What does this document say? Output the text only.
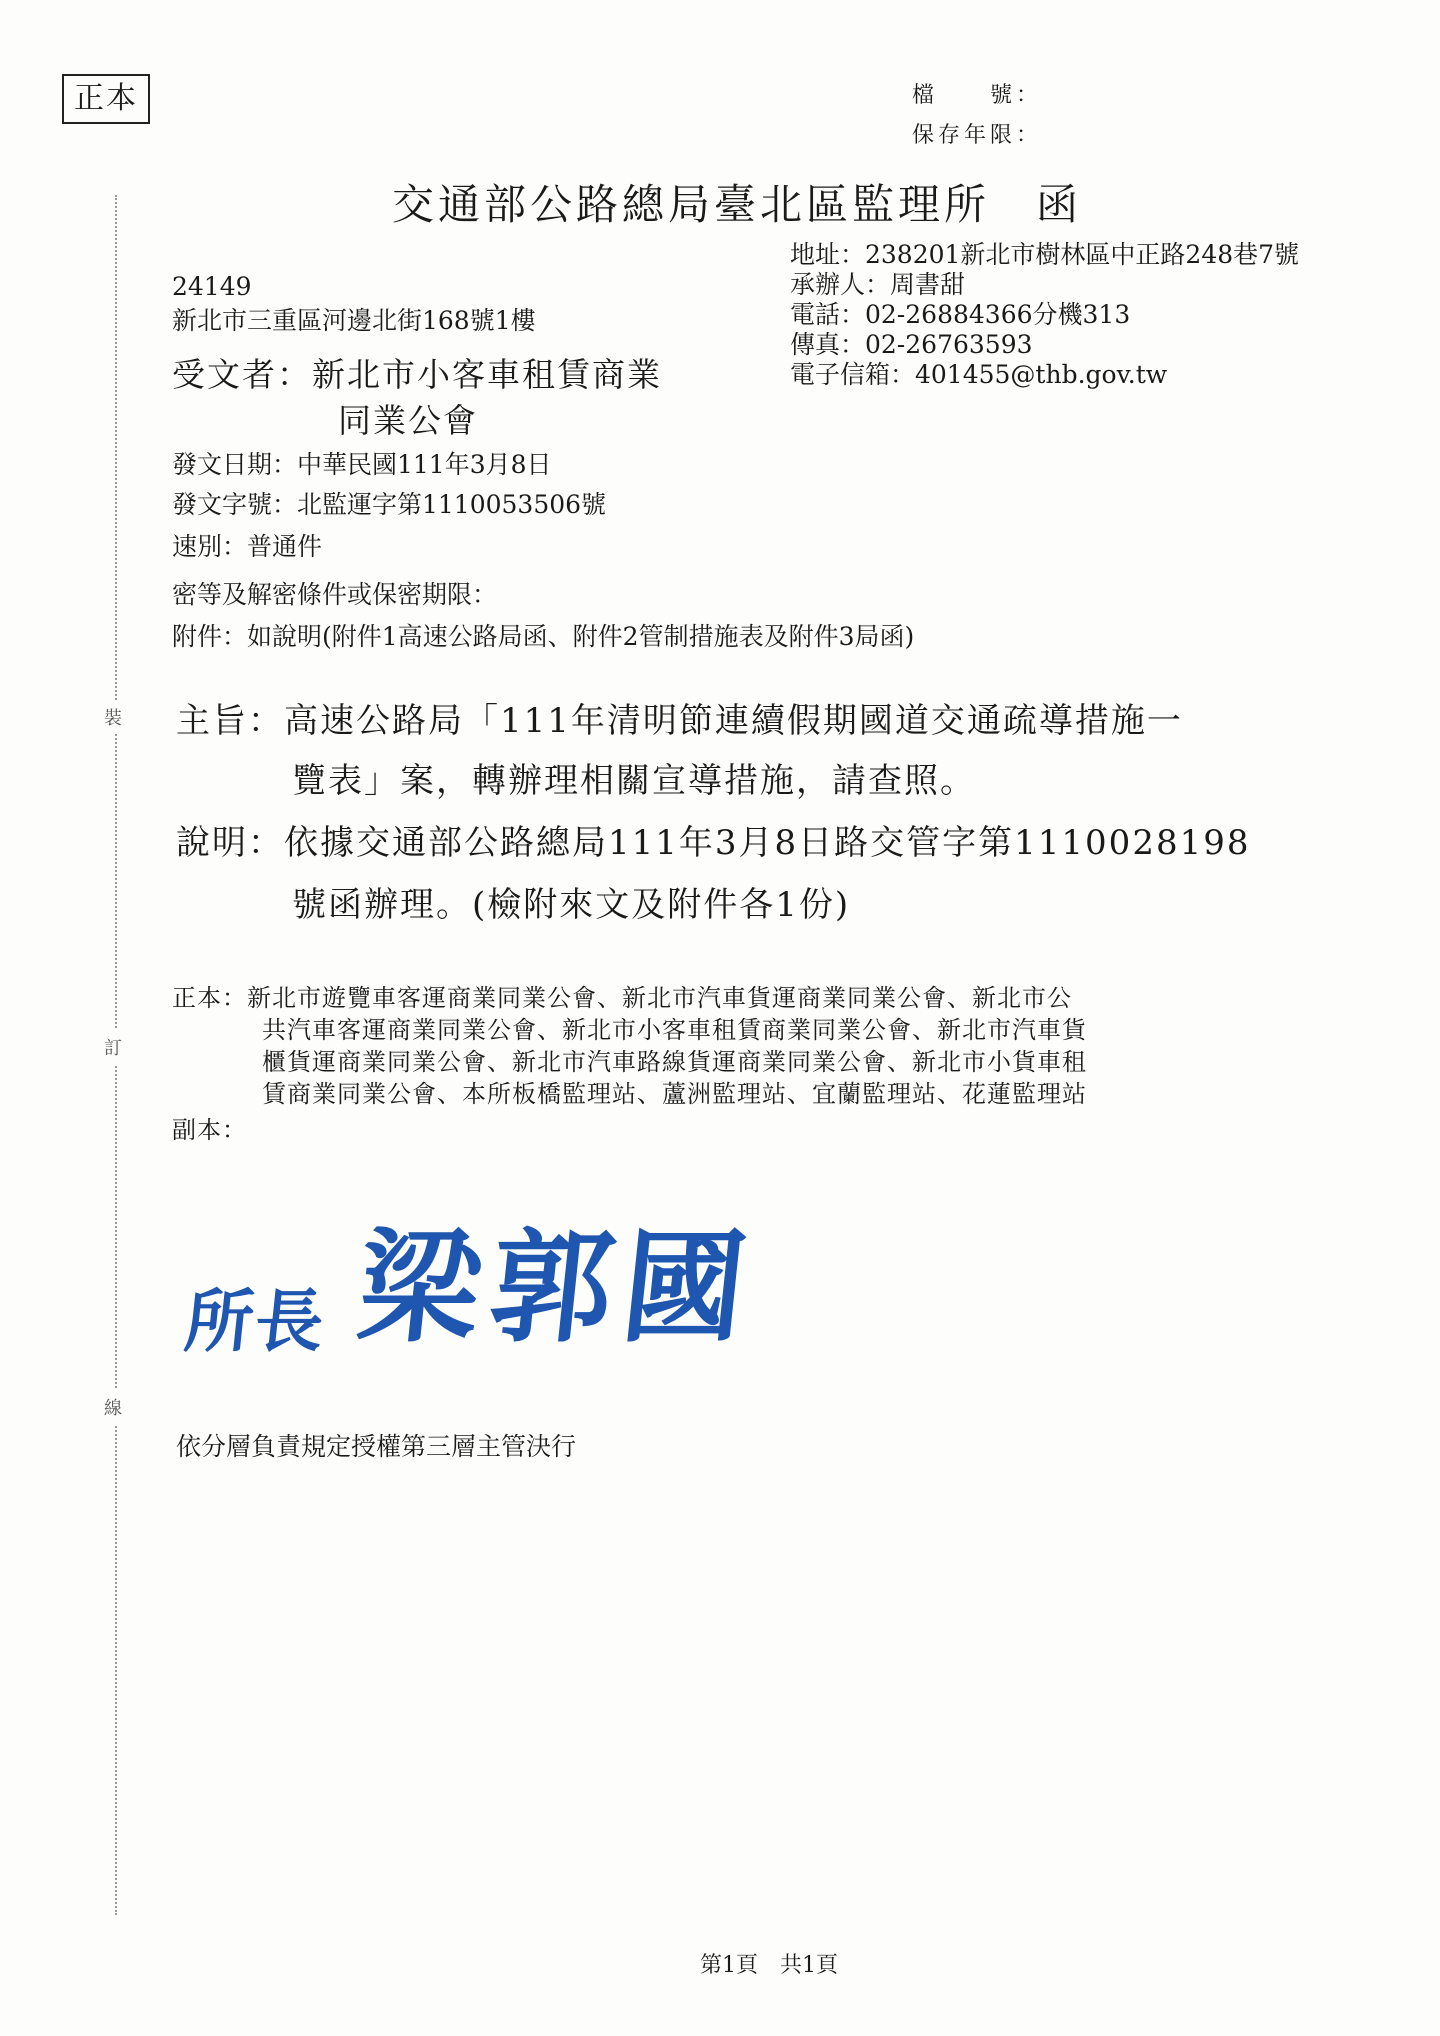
正本	檔　　號：
保存年限：
交通部公路總局臺北區監理所　函
地址：238201新北市樹林區中正路248巷7號
承辦人：周書甜
電話：02-26884366分機313
傳真：02-26763593
電子信箱：401455@thb.gov.tw
24149
新北市三重區河邊北街168號1樓
受文者：新北市小客車租賃商業
同業公會
發文日期：中華民國111年3月8日
發文字號：北監運字第1110053506號
速別：普通件
密等及解密條件或保密期限：
附件：如說明(附件1高速公路局函、附件2管制措施表及附件3局函)
主旨：高速公路局「111年清明節連續假期國道交通疏導措施一
覽表」案，轉辦理相關宣導措施，請查照。
說明：依據交通部公路總局111年3月8日路交管字第1110028198
號函辦理。(檢附來文及附件各1份)
正本：新北市遊覽車客運商業同業公會、新北市汽車貨運商業同業公會、新北市公
共汽車客運商業同業公會、新北市小客車租賃商業同業公會、新北市汽車貨
櫃貨運商業同業公會、新北市汽車路線貨運商業同業公會、新北市小貨車租
賃商業同業公會、本所板橋監理站、蘆洲監理站、宜蘭監理站、花蓮監理站
副本：
所長 梁郭國
依分層負責規定授權第三層主管決行
裝
訂
線
第1頁　共1頁
